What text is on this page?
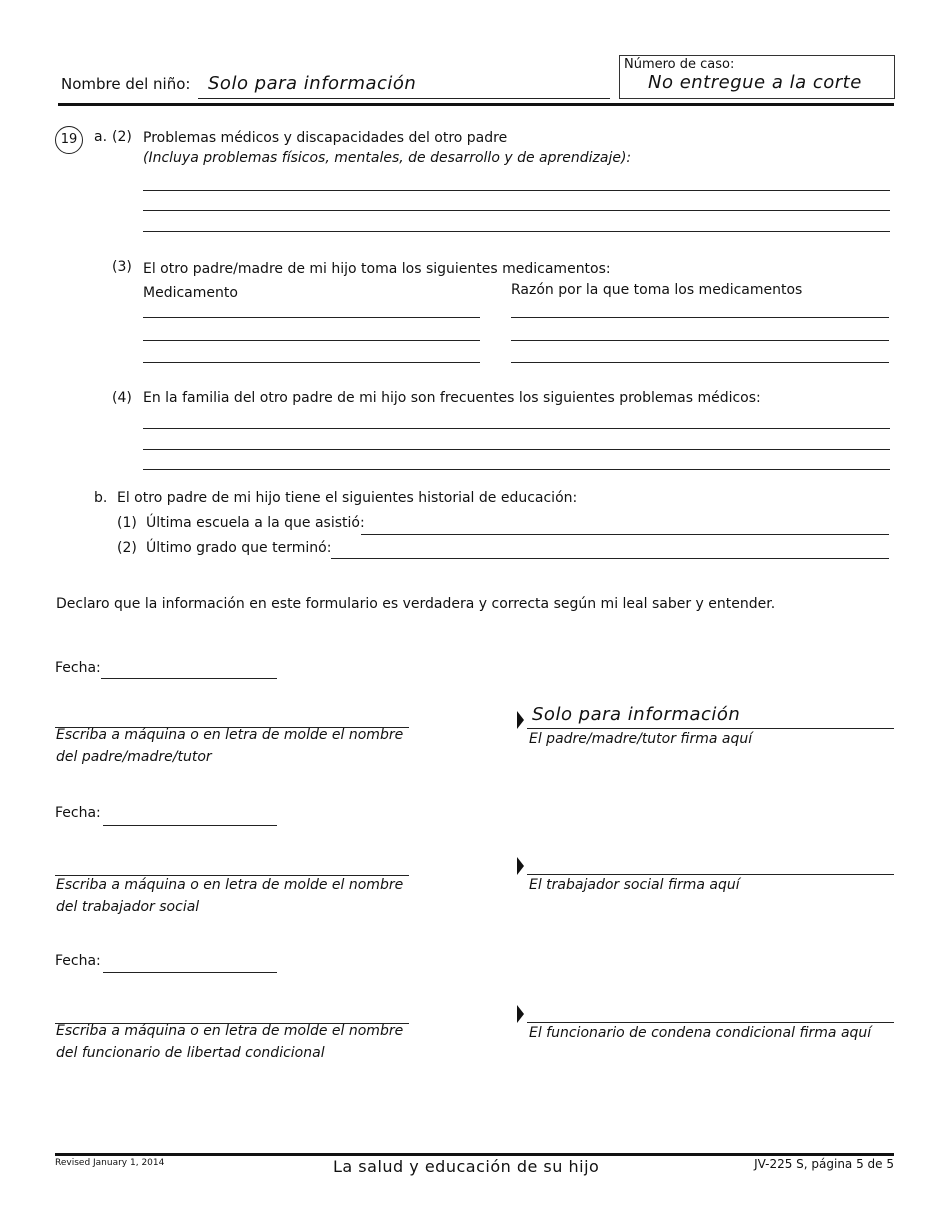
Nombre del niño: Solo para información
Número de caso:
No entregue a la corte
19	a. (2) Problemas médicos y discapacidades del otro padre
(Incluya problemas físicos, mentales, de desarrollo y de aprendizaje):
(3) El otro padre/madre de mi hijo toma los siguientes medicamentos:
Medicamento	Razón por la que toma los medicamentos
(4) En la familia del otro padre de mi hijo son frecuentes los siguientes problemas médicos:
b. El otro padre de mi hijo tiene el siguientes historial de educación:
(1) Última escuela a la que asistió:
(2) Último grado que terminó:
Declaro que la información en este formulario es verdadera y correcta según mi leal saber y entender.
Fecha:
Escriba a máquina o en letra de molde el nombre
del padre/madre/tutor
Solo para información
El padre/madre/tutor firma aquí
Fecha:
Escriba a máquina o en letra de molde el nombre
del trabajador social
El trabajador social firma aquí
Fecha:
Escriba a máquina o en letra de molde el nombre
del funcionario de libertad condicional
El funcionario de condena condicional firma aquí
Revised January 1, 2014	La salud y educación de su hijo	JV-225 S, página 5 de 5
